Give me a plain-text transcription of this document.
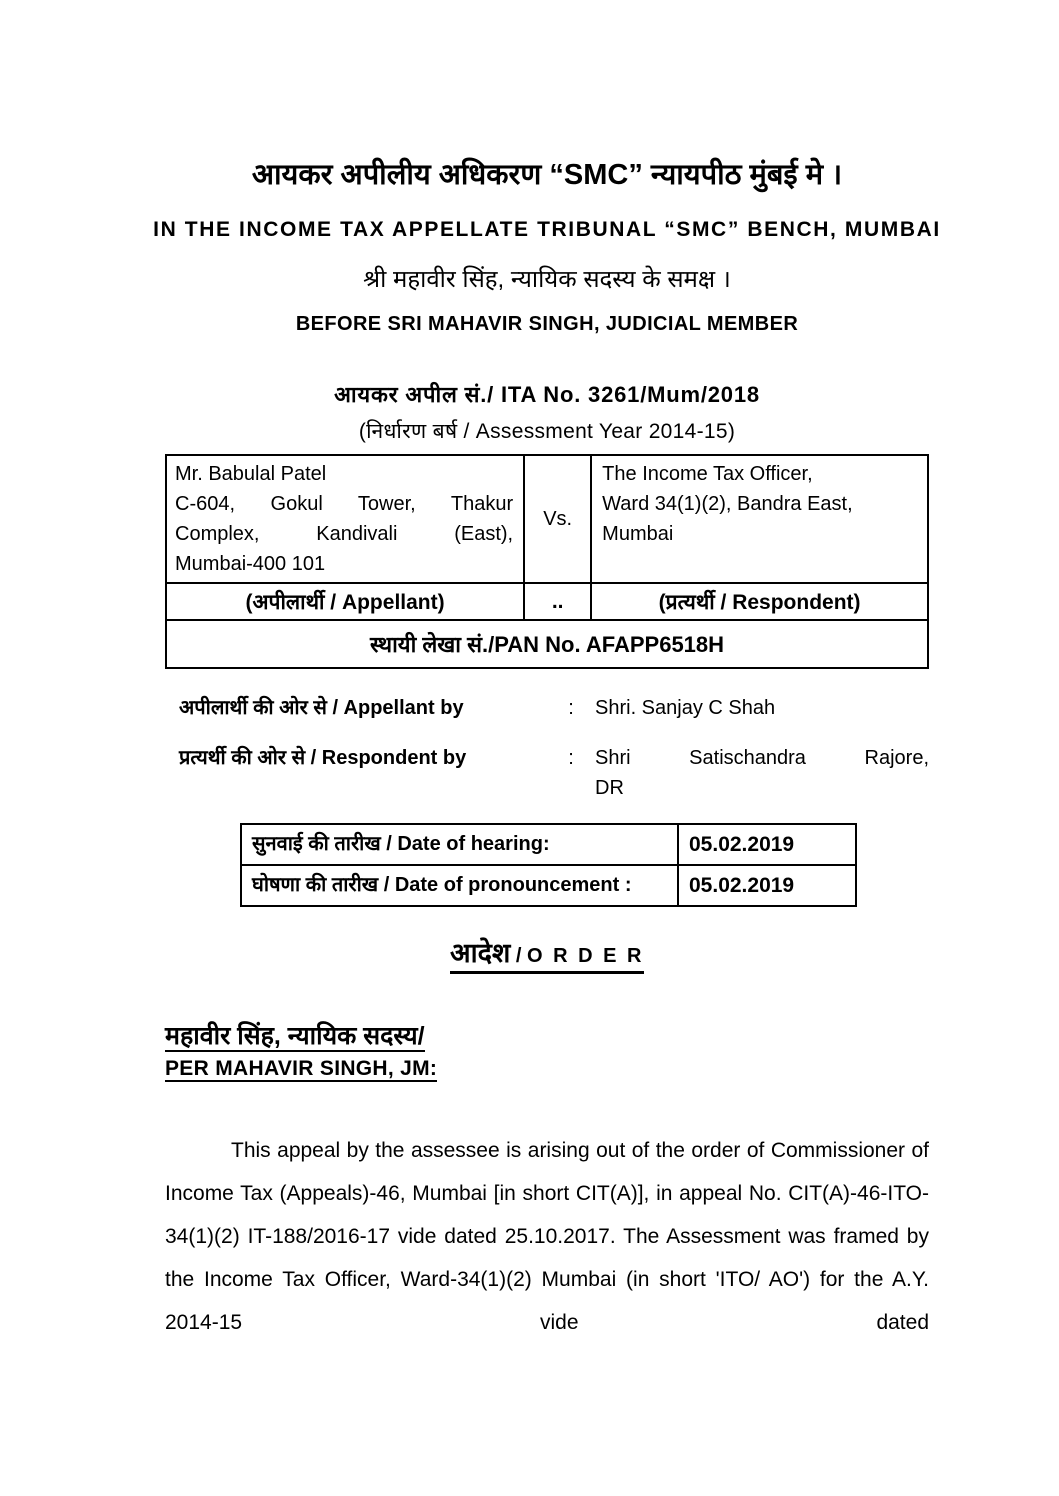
आयकर अपीलीय अधिकरण “SMC” न्यायपीठ मुंबई मे ।
IN THE INCOME TAX APPELLATE TRIBUNAL “SMC” BENCH, MUMBAI
श्री महावीर सिंह, न्यायिक सदस्य के समक्ष ।
BEFORE SRI MAHAVIR SINGH, JUDICIAL MEMBER
आयकर अपील सं./ ITA No. 3261/Mum/2018
(निर्धारण बर्ष / Assessment Year 2014-15)
Mr. Babulal Patel
C-604, Gokul Tower, Thakur
Complex, Kandivali (East),
Mumbai-400 101
	Vs.	
The Income Tax Officer,
Ward 34(1)(2), Bandra East,
Mumbai

(अपीलार्थी / Appellant)	..	(प्रत्यर्थी / Respondent)
स्थायी लेखा सं./PAN No. AFAPP6518H		
अपीलार्थी की ओर से / Appellant by	:	Shri. Sanjay C Shah
प्रत्यर्थी की ओर से / Respondent by	:	Shri Satischandra Rajore,
DR
सुनवाई की तारीख / Date of hearing:	05.02.2019
घोषणा की तारीख / Date of pronouncement :	05.02.2019
आदेश / O R D E R
महावीर सिंह, न्यायिक सदस्य/
PER MAHAVIR SINGH, JM:

This appeal by the assessee is arising out of the order of Commissioner of Income Tax (Appeals)-46, Mumbai [in short CIT(A)], in appeal No. CIT(A)-46-ITO-34(1)(2) IT-188/2016-17 vide dated 25.10.2017. The Assessment was framed by the Income Tax Officer, Ward-34(1)(2) Mumbai (in short 'ITO/ AO') for the A.Y. 2014-15 vide dated
